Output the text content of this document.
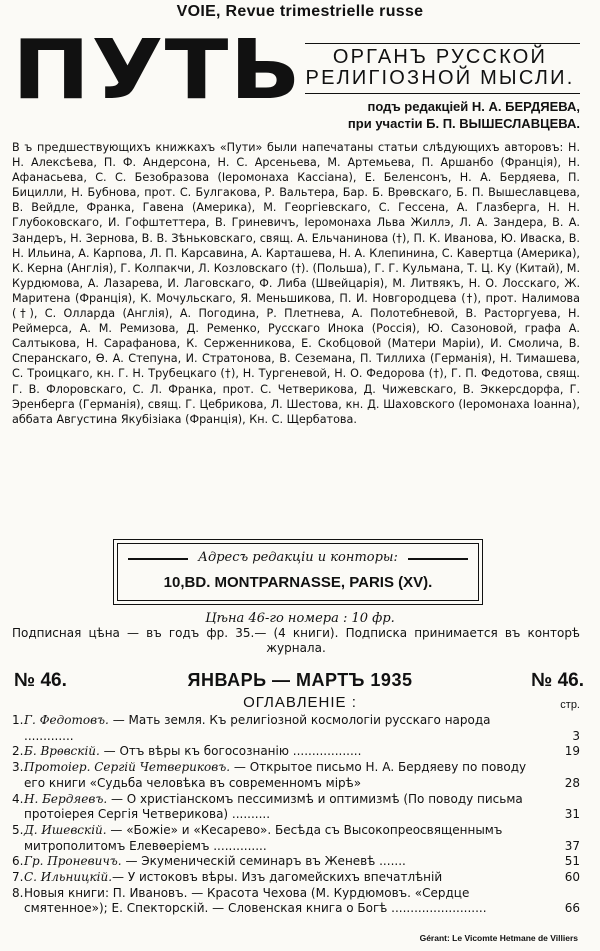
VOIE, Revue trimestrielle russe
ПУТЬ	ОРГАНЪ РУССКОЙ
РЕЛИГІОЗНОЙ МЫСЛИ.
подъ редакціей Н. А. БЕРДЯЕВА,
при участіи Б. П. ВЫШЕСЛАВЦЕВА.

В ъ предшествующихъ книжкахъ «Пути» были напечатаны статьи слѣдующихъ авторовъ: Н. Н. Алексѣева, П. Ф. Андерсона, Н. С. Арсеньева, М. Артемьева, П. Аршанбо (Франція), Н. Афанасьева, С. С. Безобразова (Іеромонаха Кассіана), Е. Беленсонъ, Н. А. Бердяева, П. Бицилли, Н. Бубнова, прот. С. Булгакова, Р. Вальтера, Бар. Б. Врѳвскаго, Б. П. Вышеславцева, В. Вейдле, Франка, Гавена (Америка), М. Георгіевскаго, С. Гессена, А. Глазберга, Н. Н. Глубоковскаго, И. Гофштеттера, В. Гриневичъ, Іеромонаха Льва Жиллэ, Л. А. Зандера, В. А. Зандеръ, Н. Зернова, В. В. Зѣньковскаго, свящ. А. Ельчанинова (†), П. К. Иванова, Ю. Иваска, В. Н. Ильина, А. Карпова, Л. П. Карсавина, А. Карташева, Н. А. Клепинина, С. Кавертца (Америка), К. Керна (Англія), Г. Колпакчи, Л. Козловскаго (†). (Польша), Г. Г. Кульмана, Т. Ц. Ку (Китай), М. Курдюмова, А. Лазарева, И. Лаговскаго, Ф. Либа (Швейцарія), М. Литвякъ, Н. О. Лосскаго, Ж. Маритена (Франція), К. Мочульскаго, Я. Меньшикова, П. И. Новгородцева (†), прот. Налимова (†), С. Олларда (Англія), А. Погодина, Р. Плетнева, А. Полотебневой, В. Расторгуева, Н. Реймерса, А. М. Ремизова, Д. Ременко, Русскаго Инока (Россія), Ю. Сазоновой, графа А. Салтыкова, Н. Сарафанова, К. Серженникова, Е. Скобцовой (Матери Маріи), И. Смолича, В. Сперанскаго, Ѳ. А. Степуна, И. Стратонова, В. Сеземана, П. Тиллиха (Германія), Н. Тимашева, С. Троицкаго, кн. Г. Н. Трубецкаго (†), Н. Тургеневой, Н. О. Федорова (†), Г. П. Федотова, свящ. Г. В. Флоровскаго, С. Л. Франка, прот. С. Четверикова, Д. Чижевскаго, В. Эккерсдорфа, Г. Эренберга (Германія), свящ. Г. Цебрикова, Л. Шестова, кн. Д. Шаховского (Іеромонаха Іоанна), аббата Августина Якубізіака (Франція), Кн. С. Щербатова.

Адресъ редакціи и конторы:
10,BD. MONTPARNASSE, PARIS (XV).
Цѣна 46-го номера : 10 фр.
Подписная цѣна — въ годъ фр. 35.— (4 книги). Подписка принимается въ конторѣ журнала.
№ 46.	ЯНВАРЬ — МАРТЪ 1935	№ 46.
ОГЛАВЛЕНІЕ :	стр.
1. Г. Федотовъ. — Мать земля. Къ религіозной космологіи русскаго народа .............	3
2. Б. Врѳвскій. — Отъ вѣры къ богосознанію ..................	19
3. Протоіер. Сергій Четвериковъ. — Открытое письмо Н. А. Бердяеву по поводу его книги «Судьба человѣка въ современномъ мірѣ»	28
4. Н. Бердяевъ. — О христіанскомъ пессимизмѣ и оптимизмѣ (По поводу письма протоіерея Сергія Четверикова) ..........	31
5. Д. Ишевскій. — «Божіе» и «Кесарево». Бесѣда съ Высокопреосвященнымъ митрополитомъ Елевѳеріемъ ..............	37
6. Гр. Проневичъ. — Экуменическій семинаръ въ Женевѣ .......	51
7. С. Ильницкій.— У истоковъ вѣры. Изъ дагомейскихъ впечатлѣній	60
8. Новыя книги: П. Ивановъ. — Красота Чехова (М. Курдюмовъ. «Сердце смятенное»); Е. Спекторскій. — Словенская книга о Богѣ .........................	66
Gérant: Le Vicomte Hetmane de Villiers
